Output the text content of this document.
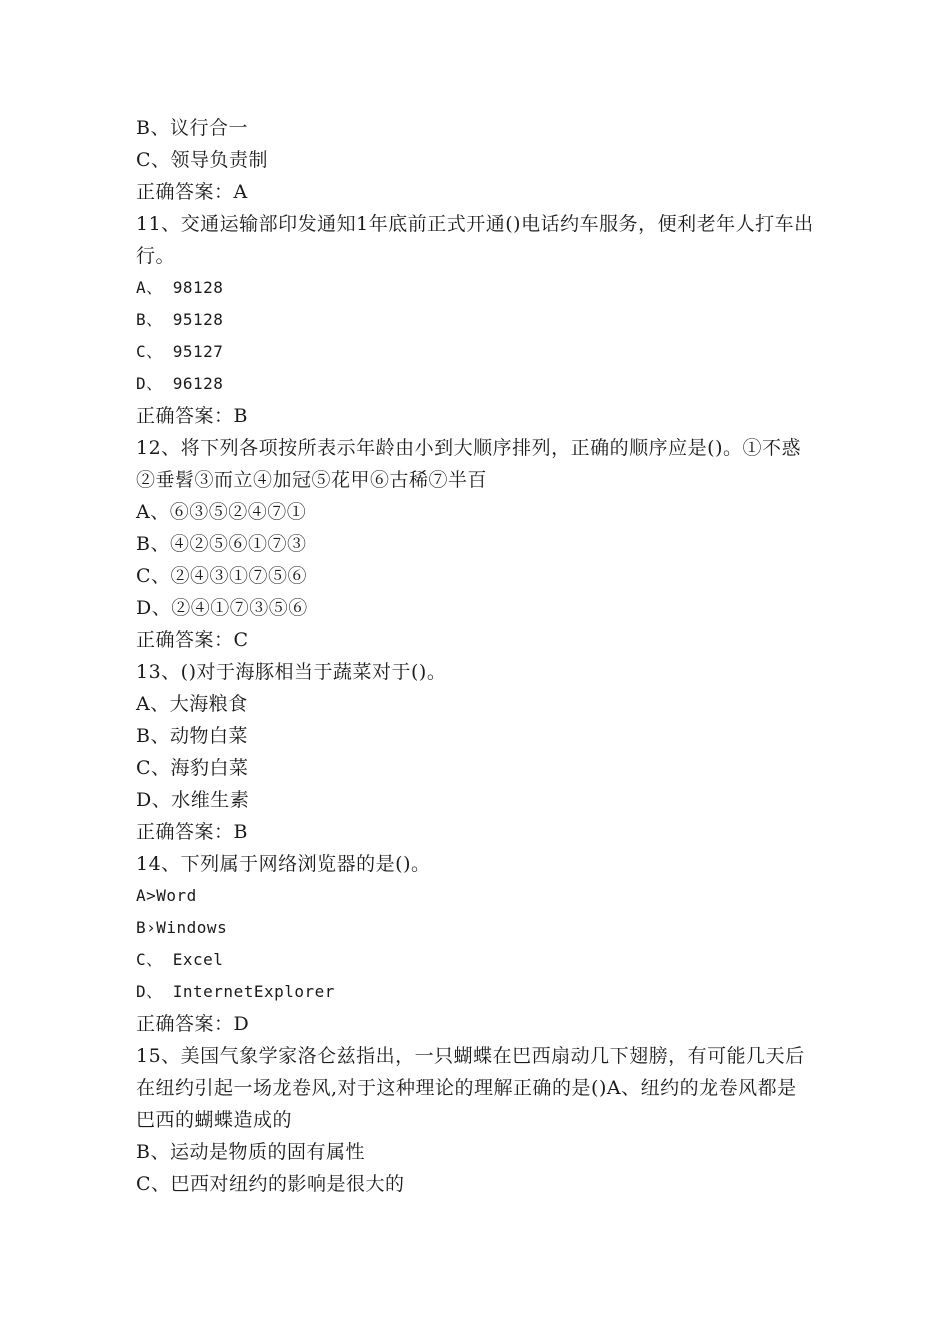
B、议行合一
C、领导负责制
正确答案：A
11、交通运输部印发通知1年底前正式开通()电话约车服务，便利老年人打车出行。
A、 98128
B、 95128
C、 95127
D、 96128
正确答案：B
12、将下列各项按所表示年龄由小到大顺序排列，正确的顺序应是()。①不惑②垂髫③而立④加冠⑤花甲⑥古稀⑦半百
A、⑥③⑤②④⑦①
B、④②⑤⑥①⑦③
C、②④③①⑦⑤⑥
D、②④①⑦③⑤⑥
正确答案：C
13、()对于海豚相当于蔬菜对于()。
A、大海粮食
B、动物白菜
C、海豹白菜
D、水维生素
正确答案：B
14、下列属于网络浏览器的是()。
A>Word
B›Windows
C、 Excel
D、 InternetExplorer
正确答案：D
15、美国气象学家洛仑兹指出，一只蝴蝶在巴西扇动几下翅膀，有可能几天后在纽约引起一场龙卷风,对于这种理论的理解正确的是()A、纽约的龙卷风都是巴西的蝴蝶造成的
B、运动是物质的固有属性
C、巴西对纽约的影响是很大的
